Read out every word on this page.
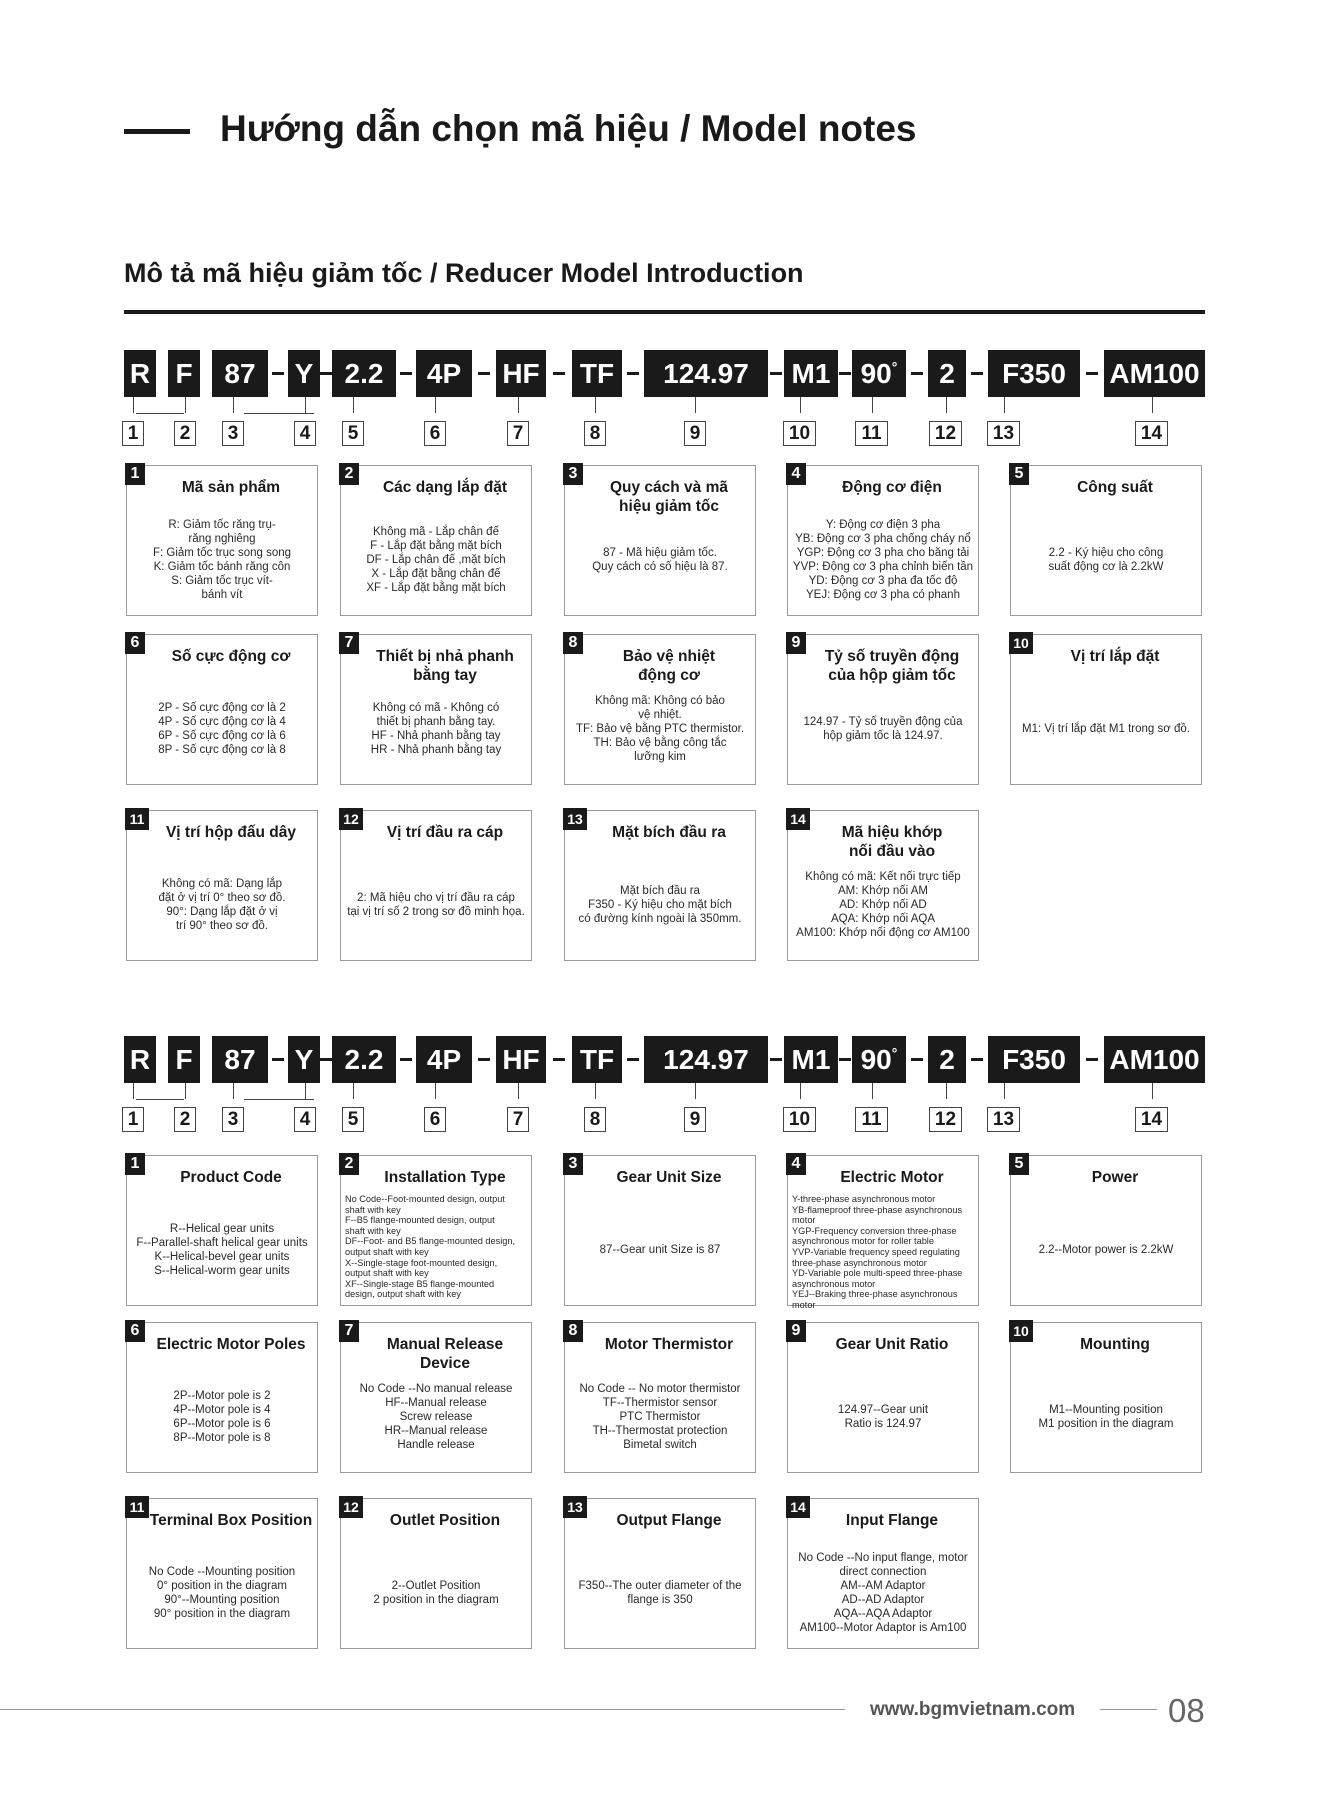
Hướng dẫn chọn mã hiệu / Model notes
Mô tả mã hiệu giảm tốc / Reducer Model Introduction
R
1
F
2
87
3
Y
4
2.2
5
4P
6
HF
7
TF
8
124.97
9
M1
10
90°
11
2
12
F350
13
AM100
14
1
Mã sản phẩm
R: Giảm tốc răng trụ-
răng nghiêng
F: Giảm tốc trục song song
K: Giảm tốc bánh răng côn
S: Giảm tốc trục vít-
bánh vít
2
Các dạng lắp đặt
Không mã - Lắp chân đế
F - Lắp đặt bằng mặt bích
DF - Lắp chân đế ,mặt bích
X - Lắp đặt bằng chân đế
XF - Lắp đặt bằng mặt bích
3
Quy cách và mã
hiệu giảm tốc
87 - Mã hiệu giảm tốc.
Quy cách có số hiệu là 87.
4
Động cơ điện
Y: Động cơ điện 3 pha
YB: Động cơ 3 pha chống cháy nổ
YGP: Động cơ 3 pha cho băng tải
YVP: Động cơ 3 pha chỉnh biến tần
YD: Động cơ 3 pha đa tốc độ
YEJ: Động cơ 3 pha có phanh
5
Công suất
2.2 - Ký hiệu cho công
suất động cơ là 2.2kW
6
Số cực động cơ
2P - Số cực động cơ là 2
4P - Số cực động cơ là 4
6P - Số cực động cơ là 6
8P - Số cực động cơ là 8
7
Thiết bị nhả phanh
bằng tay
Không có mã - Không có
thiết bị phanh bằng tay.
HF - Nhả phanh bằng tay
HR - Nhả phanh bằng tay
8
Bảo vệ nhiệt
động cơ
Không mã: Không có bảo
vệ nhiệt.
TF: Bảo vệ bằng PTC thermistor.
TH: Bảo vệ bằng công tắc
lưỡng kim
9
Tỷ số truyền động
của hộp giảm tốc
124.97 - Tỷ số truyền động của
hộp giảm tốc là 124.97.
10
Vị trí lắp đặt
M1: Vị trí lắp đặt M1 trong sơ đồ.
11
Vị trí hộp đấu dây
Không có mã: Dạng lắp
đặt ở vị trí 0° theo sơ đồ.
90°: Dạng lắp đặt ở vị
trí 90° theo sơ đồ.
12
Vị trí đầu ra cáp
2: Mã hiệu cho vị trí đầu ra cáp
tại vị trí số 2 trong sơ đồ minh họa.
13
Mặt bích đầu ra
Mặt bích đầu ra
F350 - Ký hiệu cho mặt bích
có đường kính ngoài là 350mm.
14
Mã hiệu khớp
nối đầu vào
Không có mã: Kết nối trực tiếp
AM: Khớp nối AM
AD: Khớp nối AD
AQA: Khớp nối AQA
AM100: Khớp nối động cơ AM100
R
1
F
2
87
3
Y
4
2.2
5
4P
6
HF
7
TF
8
124.97
9
M1
10
90°
11
2
12
F350
13
AM100
14
1
Product Code
R--Helical gear units
F--Parallel-shaft helical gear units
K--Helical-bevel gear units
S--Helical-worm gear units
2
Installation Type
No Code--Foot-mounted design, output
shaft with key
F--B5 flange-mounted design, output
shaft with key
DF--Foot- and B5 flange-mounted design,
output shaft with key
X--Single-stage foot-mounted design,
output shaft with key
XF--Single-stage B5 flange-mounted
design, output shaft with key
3
Gear Unit Size
87--Gear unit Size is 87
4
Electric Motor
Y-three-phase asynchronous motor
YB-flameproof three-phase asynchronous
motor
YGP-Frequency conversion three-phase
asynchronous motor for roller table
YVP-Variable frequency speed regulating
three-phase asynchronous motor
YD-Variable pole multi-speed three-phase
asynchronous motor
YEJ--Braking three-phase asynchronous motor
5
Power
2.2--Motor power is 2.2kW
6
Electric Motor Poles
2P--Motor pole is 2
4P--Motor pole is 4
6P--Motor pole is 6
8P--Motor pole is 8
7
Manual Release Device
No Code --No manual release
HF--Manual release
Screw release
HR--Manual release
Handle release
8
Motor Thermistor
No Code -- No motor thermistor
TF--Thermistor sensor
PTC Thermistor
TH--Thermostat protection
Bimetal switch
9
Gear Unit Ratio
124.97--Gear unit
Ratio is 124.97
10
Mounting
M1--Mounting position
M1 position in the diagram
11
Terminal Box Position
No Code --Mounting position
0° position in the diagram
90°--Mounting position
90° position in the diagram
12
Outlet Position
2--Outlet Position
2 position in the diagram
13
Output Flange
F350--The outer diameter of the
flange is 350
14
Input Flange
No Code --No input flange, motor
direct connection
AM--AM Adaptor
AD--AD Adaptor
AQA--AQA Adaptor
AM100--Motor Adaptor is Am100
www.bgmvietnam.com	08
